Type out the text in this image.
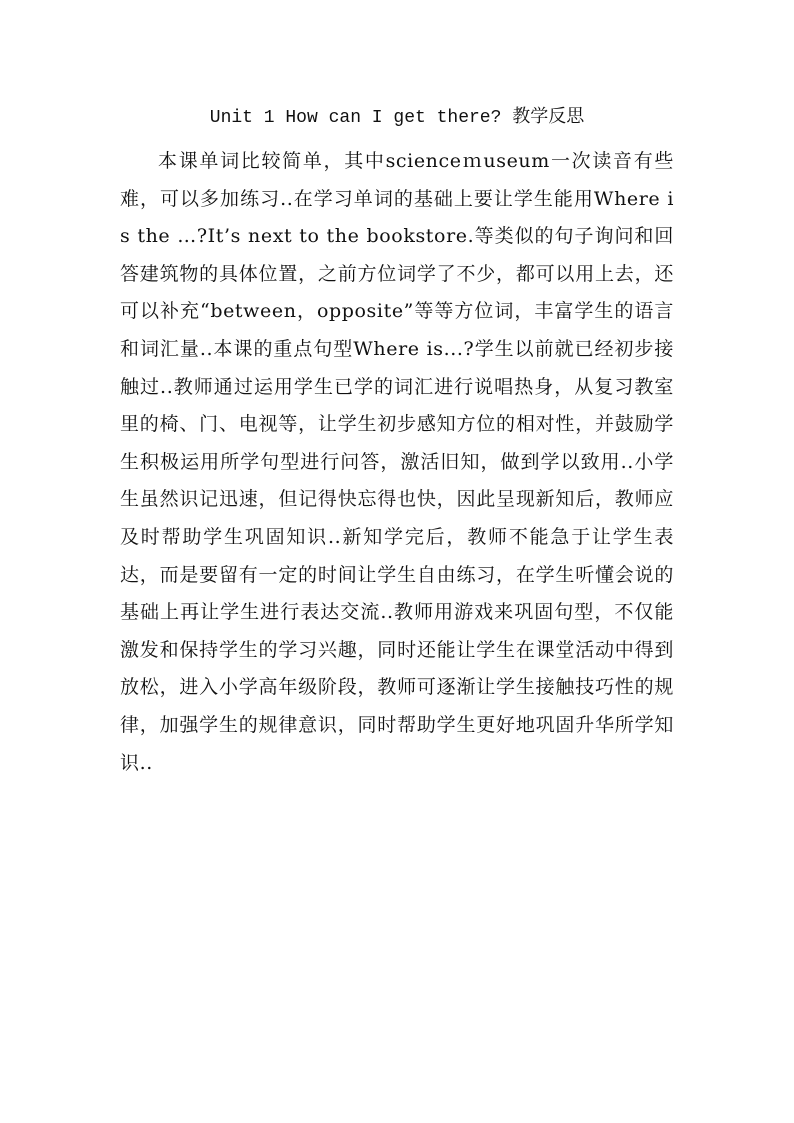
Unit 1 How can I get there? 教学反思

本课单词比较简单，其中scienceｍuseum一次读音有些难，可以多加练习..在学习单词的基础上要让学生能用Where is the …?It’s next to the bookstore.等类似的句子询问和回答建筑物的具体位置，之前方位词学了不少，都可以用上去，还可以补充“between，opposite”等等方位词，丰富学生的语言和词汇量..本课的重点句型Where is...?学生以前就已经初步接触过..教师通过运用学生已学的词汇进行说唱热身，从复习教室里的椅、门、电视等，让学生初步感知方位的相对性，并鼓励学生积极运用所学句型进行问答，激活旧知，做到学以致用..小学生虽然识记迅速，但记得快忘得也快，因此呈现新知后，教师应及时帮助学生巩固知识..新知学完后，教师不能急于让学生表达，而是要留有一定的时间让学生自由练习，在学生听懂会说的基础上再让学生进行表达交流..教师用游戏来巩固句型，不仅能激发和保持学生的学习兴趣，同时还能让学生在课堂活动中得到放松，进入小学高年级阶段，教师可逐渐让学生接触技巧性的规律，加强学生的规律意识，同时帮助学生更好地巩固升华所学知识..
